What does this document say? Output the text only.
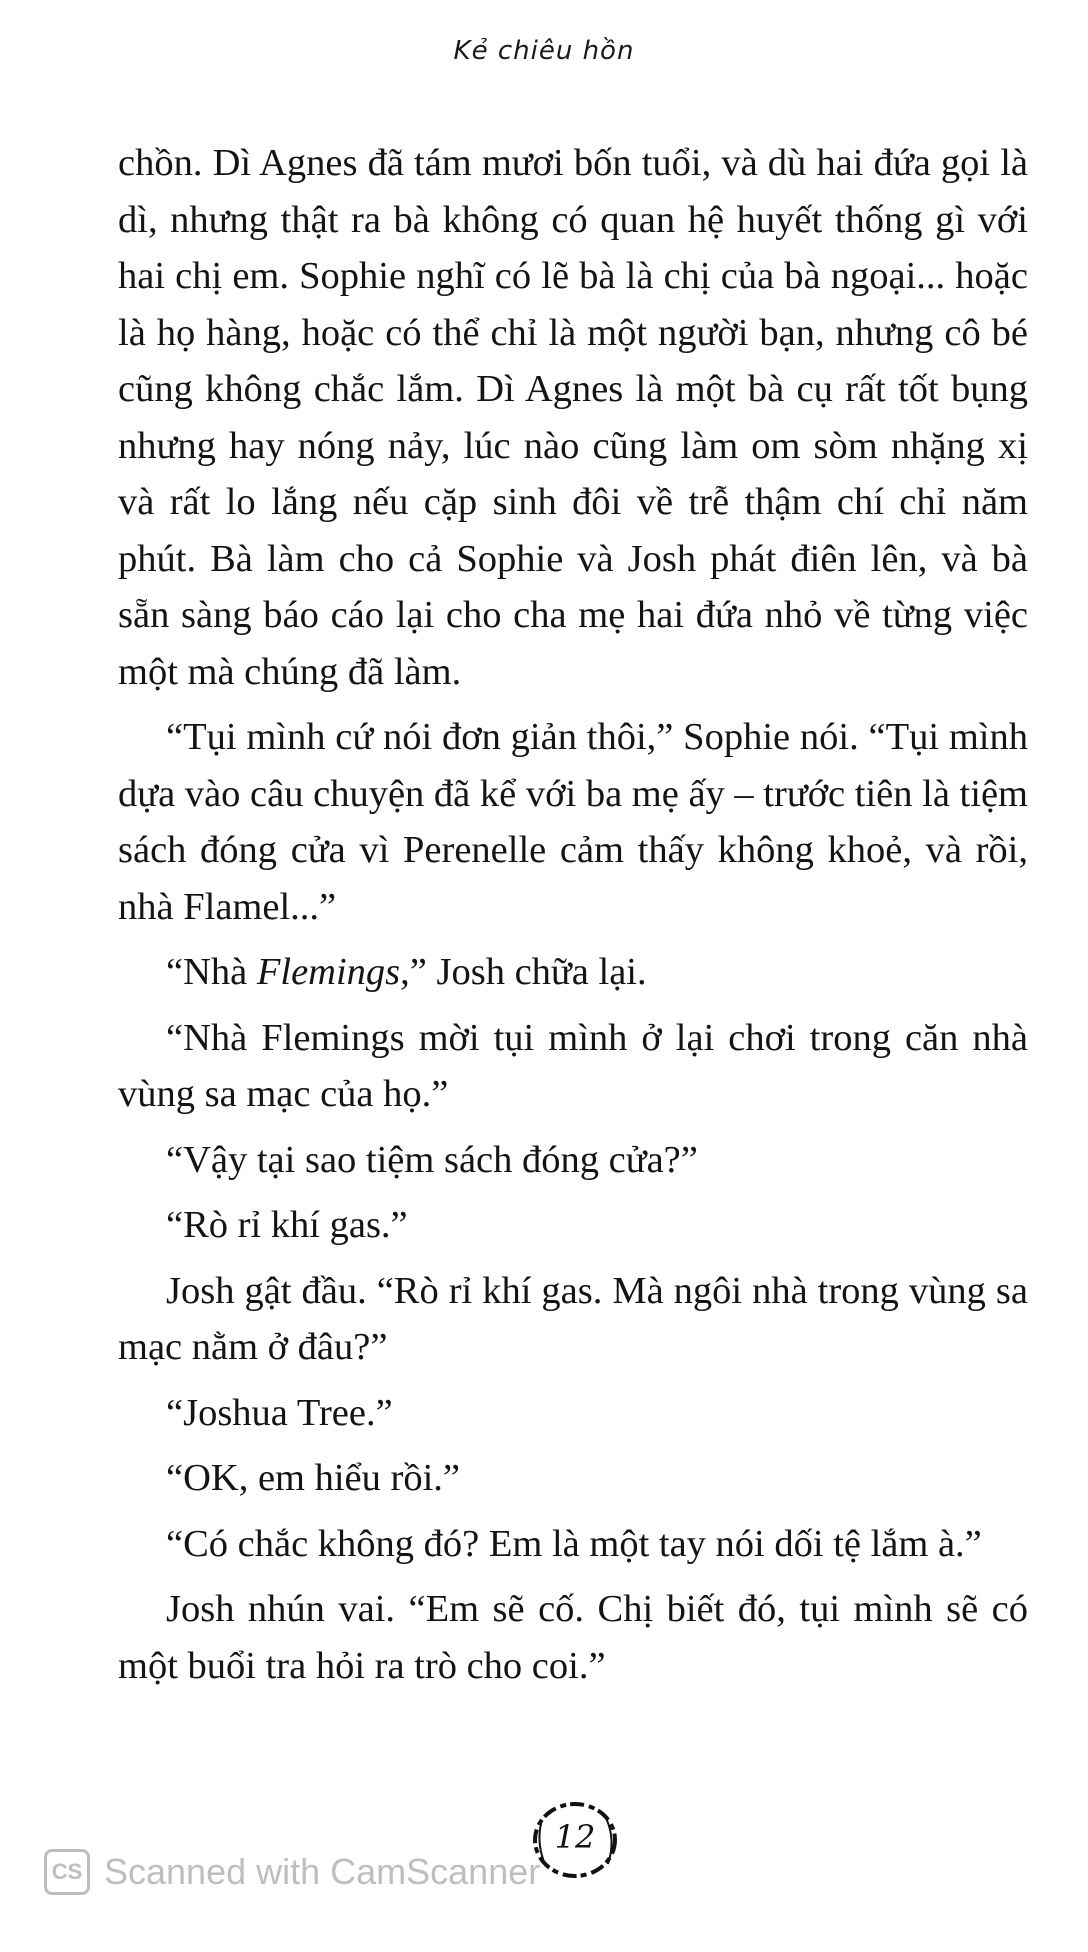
Kẻ chiêu hồn

chồn. Dì Agnes đã tám mươi bốn tuổi, và dù hai đứa gọi là dì, nhưng thật ra bà không có quan hệ huyết thống gì với hai chị em. Sophie nghĩ có lẽ bà là chị của bà ngoại... hoặc là họ hàng, hoặc có thể chỉ là một người bạn, nhưng cô bé cũng không chắc lắm. Dì Agnes là một bà cụ rất tốt bụng nhưng hay nóng nảy, lúc nào cũng làm om sòm nhặng xị và rất lo lắng nếu cặp sinh đôi về trễ thậm chí chỉ năm phút. Bà làm cho cả Sophie và Josh phát điên lên, và bà sẵn sàng báo cáo lại cho cha mẹ hai đứa nhỏ về từng việc một mà chúng đã làm.

“Tụi mình cứ nói đơn giản thôi,” Sophie nói. “Tụi mình dựa vào câu chuyện đã kể với ba mẹ ấy – trước tiên là tiệm sách đóng cửa vì Perenelle cảm thấy không khoẻ, và rồi, nhà Flamel...”

“Nhà Flemings,” Josh chữa lại.

“Nhà Flemings mời tụi mình ở lại chơi trong căn nhà vùng sa mạc của họ.”

“Vậy tại sao tiệm sách đóng cửa?”

“Rò rỉ khí gas.”

Josh gật đầu. “Rò rỉ khí gas. Mà ngôi nhà trong vùng sa mạc nằm ở đâu?”

“Joshua Tree.”

“OK, em hiểu rồi.”

“Có chắc không đó? Em là một tay nói dối tệ lắm à.”

Josh nhún vai. “Em sẽ cố. Chị biết đó, tụi mình sẽ có một buổi tra hỏi ra trò cho coi.”

12
CS Scanned with CamScanner
